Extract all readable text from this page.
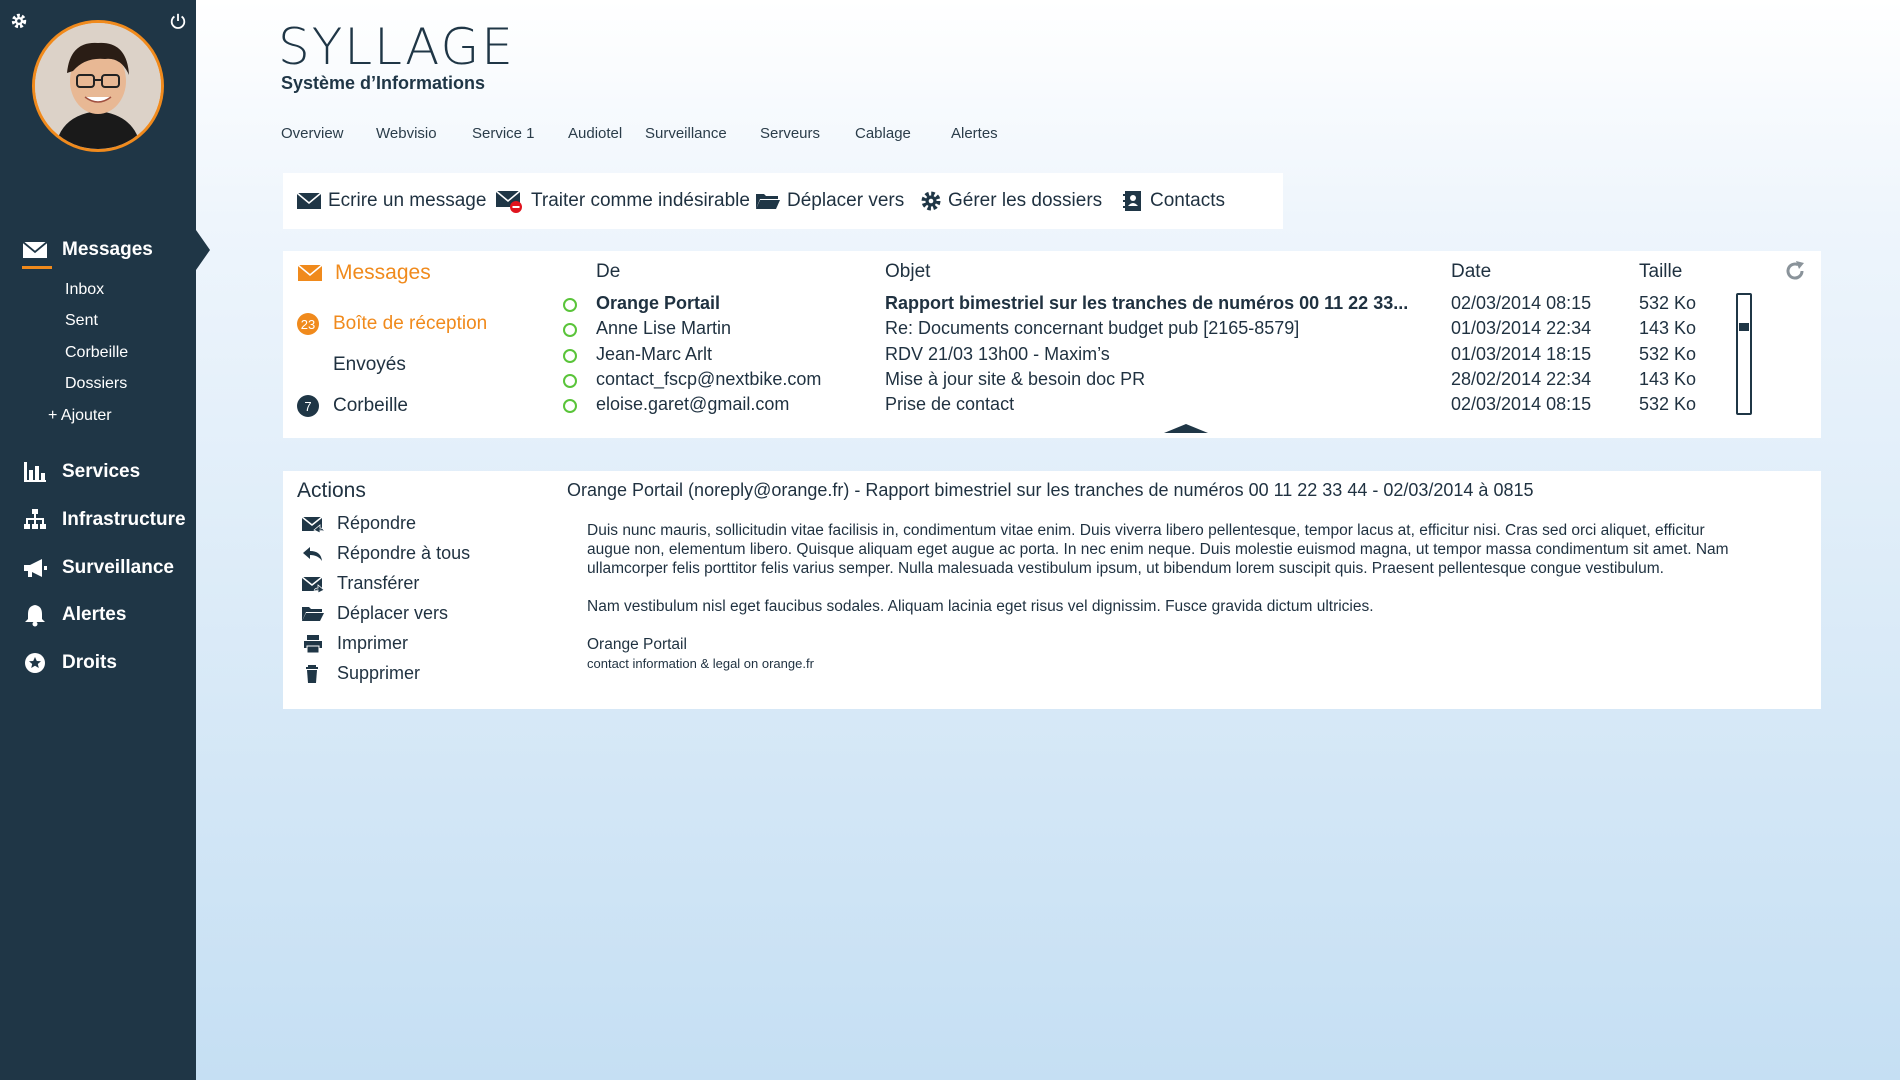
Messages
Inbox
Sent
Corbeille
Dossiers
+ Ajouter
Services
Infrastructure
Surveillance
Alertes
Droits
SYLLAGE
Système d’Informations
Overview Webvisio Service 1 Audiotel Surveillance Serveurs Cablage	Alertes
Ecrire un message Traiter comme indésirable Déplacer vers Gérer les dossiers	Contacts
Messages
23 Boîte de réception
Envoyés
7	Corbeille
De	Objet	Date	Taille
Orange Portail	Rapport bimestriel sur les tranches de numéros 00 11 22 33...	02/03/2014 08:15	532 Ko
Anne Lise Martin	Re: Documents concernant budget pub [2165-8579]	01/03/2014 22:34	143 Ko
Jean-Marc Arlt	RDV 21/03 13h00 - Maxim’s	01/03/2014 18:15	532 Ko
contact_fscp@nextbike.com	Mise à jour site & besoin doc PR	28/02/2014 22:34	143 Ko
eloise.garet@gmail.com	Prise de contact	02/03/2014 08:15	532 Ko
Actions
Répondre
Répondre à tous
Transférer
Déplacer vers
Imprimer
Supprimer
Orange Portail (noreply@orange.fr) - Rapport bimestriel sur les tranches de numéros 00 11 22 33 44 - 02/03/2014 à 0815

Duis nunc mauris, sollicitudin vitae facilisis in, condimentum vitae enim. Duis viverra libero pellentesque, tempor lacus at, efficitur nisi. Cras sed orci aliquet, efficitur augue non, elementum libero. Quisque aliquam eget augue ac porta. In nec enim neque. Duis molestie euismod magna, ut tempor massa condimentum sit amet. Nam ullamcorper felis porttitor felis varius semper. Nulla malesuada vestibulum ipsum, ut bibendum lorem suscipit quis. Praesent pellentesque congue vestibulum.

Nam vestibulum nisl eget faucibus sodales. Aliquam lacinia eget risus vel dignissim. Fusce gravida dictum ultricies.

Orange Portail
contact information & legal on orange.fr
